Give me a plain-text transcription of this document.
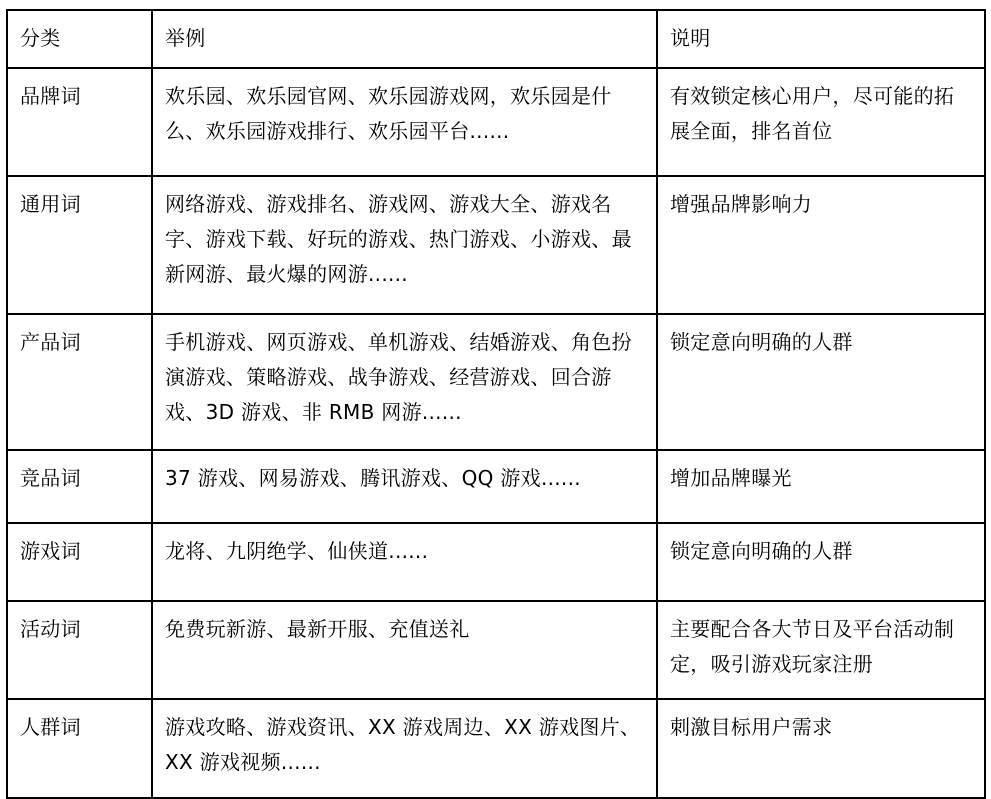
分类	举例	说明

品牌词	欢乐园、欢乐园官网、欢乐园游戏网，欢乐园是什么、欢乐园游戏排行、欢乐园平台......	有效锁定核心用户，尽可能的拓展全面，排名首位

通用词	网络游戏、游戏排名、游戏网、游戏大全、游戏名字、游戏下载、好玩的游戏、热门游戏、小游戏、最新网游、最火爆的网游......	增强品牌影响力

产品词	手机游戏、网页游戏、单机游戏、结婚游戏、角色扮演游戏、策略游戏、战争游戏、经营游戏、回合游戏、3D 游戏、非 RMB 网游......	锁定意向明确的人群

竞品词	37 游戏、网易游戏、腾讯游戏、QQ 游戏......	增加品牌曝光

游戏词	龙将、九阴绝学、仙侠道......	锁定意向明确的人群

活动词	免费玩新游、最新开服、充值送礼	主要配合各大节日及平台活动制定，吸引游戏玩家注册

人群词	游戏攻略、游戏资讯、XX 游戏周边、XX 游戏图片、XX 游戏视频......	刺激目标用户需求
